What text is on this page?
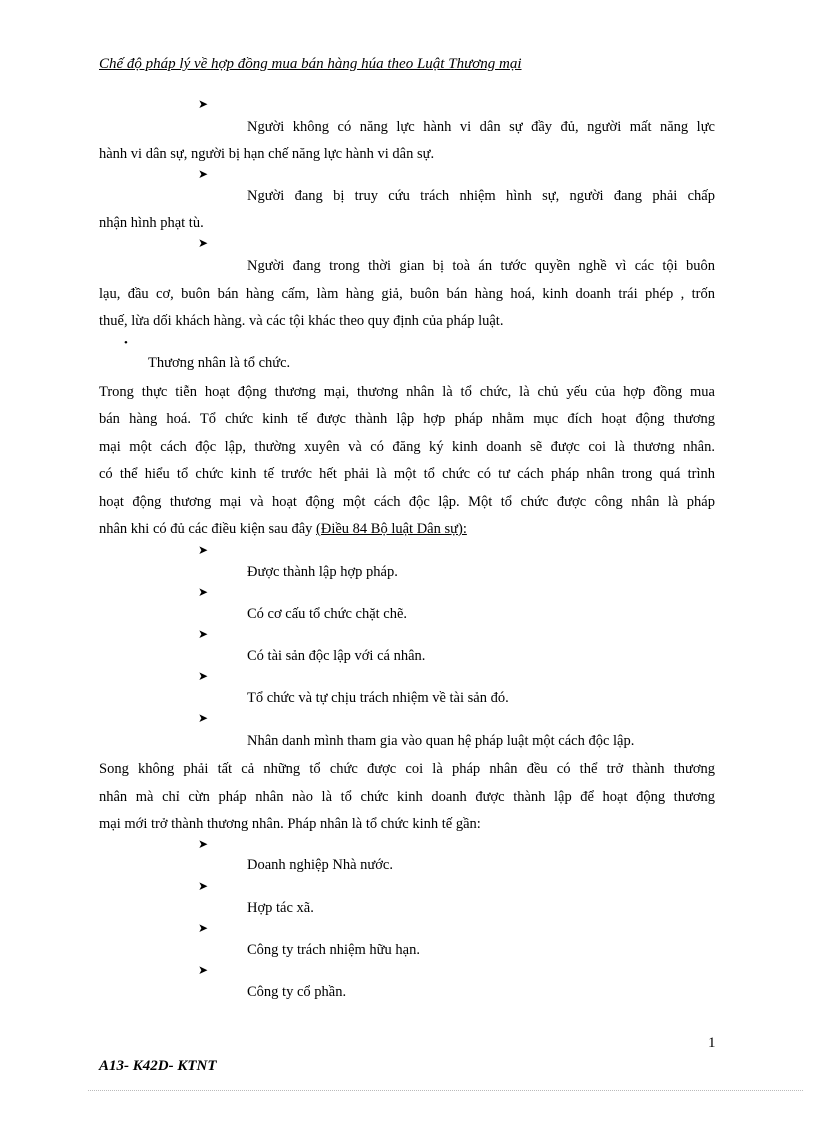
Chế độ pháp lý về hợp đồng mua bán hàng húa theo Luật Thương mại
➤
Người không có năng lực hành vi dân sự đầy đủ, người mất năng lực
hành vi dân sự, người bị hạn chế năng lực hành vi dân sự.
➤
Người đang bị truy cứu trách nhiệm hình sự, người đang phải chấp
nhận hình phạt tù.
➤
Người đang trong thời gian bị toà án tước quyền nghề vì các tội buôn
lạu, đầu cơ, buôn bán hàng cấm, làm hàng giả, buôn bán hàng hoá, kinh doanh trái phép , trốn
thuế, lừa dối khách hàng. và các tội khác theo quy định của pháp luật.
•
Thương nhân là tổ chức.
Trong thực tiễn hoạt động thương mại, thương nhân là tổ chức, là chủ yếu của hợp đồng mua
bán hàng hoá. Tổ chức kinh tế được thành lập hợp pháp nhằm mục đích hoạt động thương
mại một cách độc lập, thường xuyên và có đăng ký kinh doanh sẽ được coi là thương nhân.
có thể hiểu tổ chức kinh tế trước hết phải là một tổ chức có tư cách pháp nhân trong quá trình
hoạt động thương mại và hoạt động một cách độc lập. Một tổ chức được công nhân là pháp
nhân khi có đủ các điều kiện sau đây (Điều 84 Bộ luật Dân sự):
➤
Được thành lập hợp pháp.
➤
Có cơ cấu tổ chức chặt chẽ.
➤
Có tài sản độc lập với cá nhân.
➤
Tổ chức và tự chịu trách nhiệm về tài sản đó.
➤
Nhân danh mình tham gia vào quan hệ pháp luật một cách độc lập.
Song không phải tất cả những tổ chức được coi là pháp nhân đều có thể trở thành thương
nhân mà chỉ cừn pháp nhân nào là tổ chức kinh doanh được thành lập để hoạt động thương
mại mới trở thành thương nhân. Pháp nhân là tổ chức kinh tế gần:
➤
Doanh nghiệp Nhà nước.
➤
Hợp tác xã.
➤
Công ty trách nhiệm hữu hạn.
➤
Công ty cổ phần.
1
A13- K42D- KTNT
